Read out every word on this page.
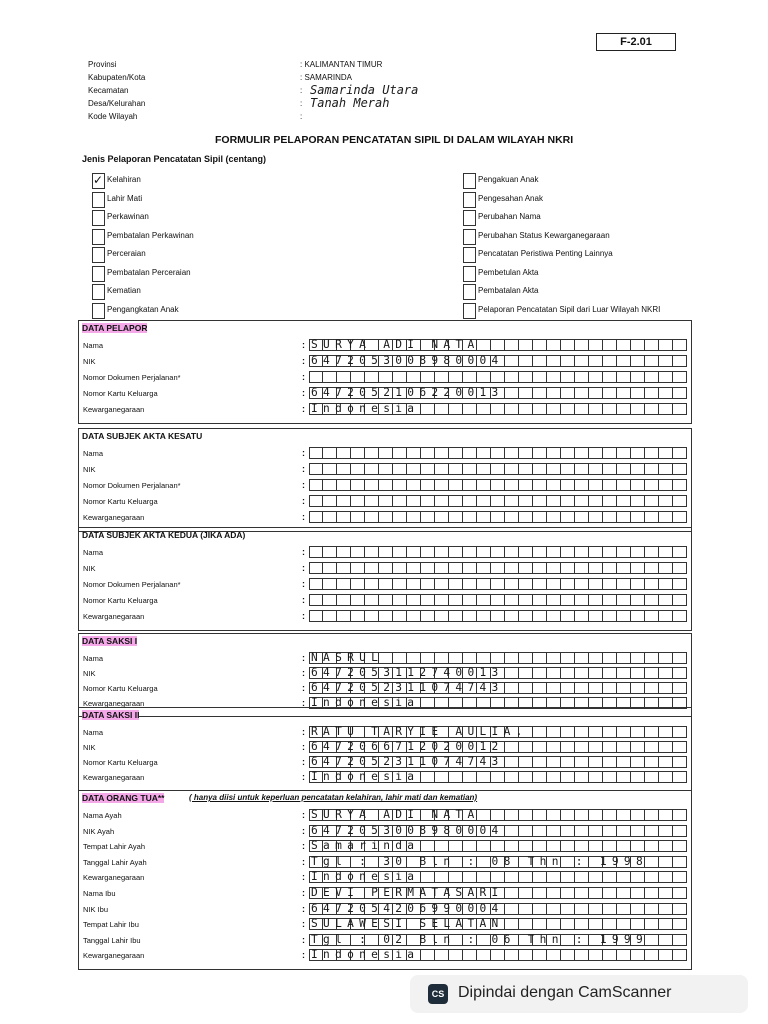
F-2.01
Provinsi	: KALIMANTAN TIMUR
Kabupaten/Kota	: SAMARINDA
Kecamatan	: Samarinda Utara
Desa/Kelurahan	: Tanah Merah
Kode Wilayah	:
FORMULIR PELAPORAN PENCATATAN SIPIL DI DALAM WILAYAH NKRI
Jenis Pelaporan Pencatatan Sipil (centang)
✓ Kelahiran
Lahir Mati
Perkawinan
Pembatalan Perkawinan
Perceraian
Pembatalan Perceraian
Kematian
Pengangkatan Anak
Pengakuan Anak
Pengesahan Anak
Perubahan Nama
Perubahan Status Kewarganegaraan
Pencatatan Peristiwa Penting Lainnya
Pembetulan Akta
Pembatalan Akta
Pelaporan Pencatatan Sipil dari Luar Wilayah NKRI
DATA PELAPOR
Nama	: SURYA ADI NATA
NIK	: 6472053008980004
Nomor Dokumen Perjalanan*	:
Nomor Kartu Keluarga	: 6472052106220013
Kewarganegaraan	: Indonesia
DATA SUBJEK AKTA KESATU
Nama	:
NIK	:
Nomor Dokumen Perjalanan*	:
Nomor Kartu Keluarga	:
Kewarganegaraan	:
DATA SUBJEK AKTA KEDUA (JIKA ADA)
Nama	:
NIK	:
Nomor Dokumen Perjalanan*	:
Nomor Kartu Keluarga	:
Kewarganegaraan	:
DATA SAKSI I
Nama	: NASRUL
NIK	: 6472053112740013
Nomor Kartu Keluarga	: 6472052311074743
Kewarganegaraan	: Indonesia
DATA SAKSI II
Nama	: RATU TARYIE AULIA.
NIK	: 6472066712020012
Nomor Kartu Keluarga	: 6472052311074743
Kewarganegaraan	: Indonesia
DATA ORANG TUA**	( hanya diisi untuk keperluan pencatatan kelahiran, lahir mati dan kematian)
Nama Ayah	: SURYA ADI NATA
NIK Ayah	: 6472053008980004
Tempat Lahir Ayah	: Samarinda
Tanggal Lahir Ayah	: Tgl : 30 Bln : 08 Thn : 1998
Kewarganegaraan	: Indonesia
Nama Ibu	: DEVI PERMATASARI
NIK Ibu	: 6472054206990004
Tempat Lahir Ibu	: SULAWESI SELATAN
Tanggal Lahir Ibu	: Tgl : 02 Bln : 06 Thn : 1999
Kewarganegaraan	: Indonesia
CS Dipindai dengan CamScanner
